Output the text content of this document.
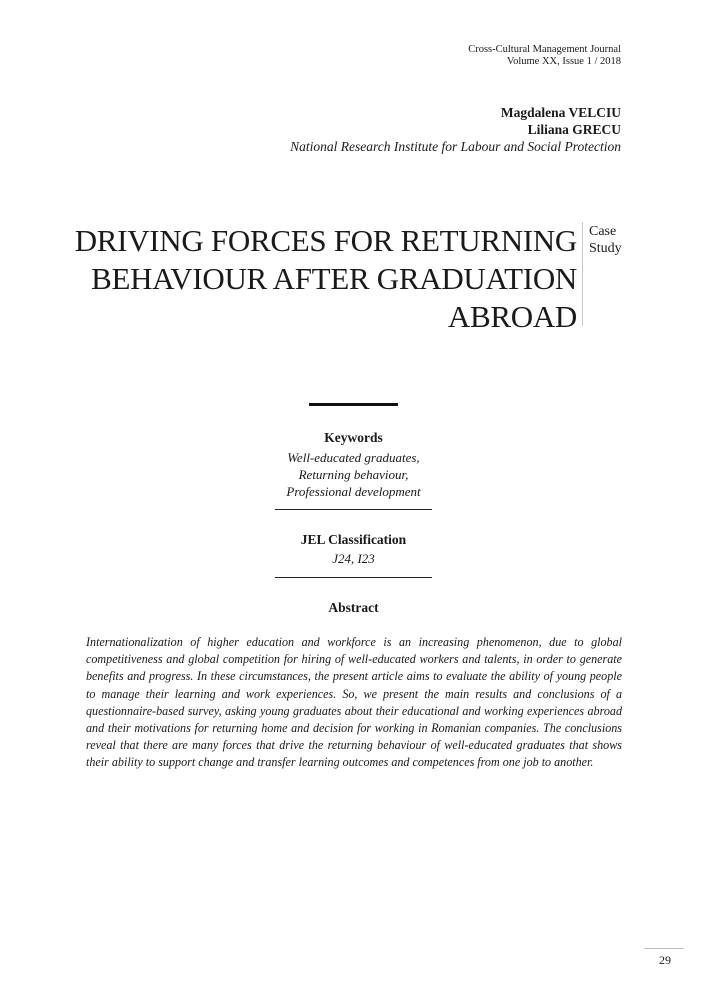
Cross-Cultural Management Journal
Volume XX, Issue 1 / 2018
Magdalena VELCIU
Liliana GRECU
National Research Institute for Labour and Social Protection
DRIVING FORCES FOR RETURNING
BEHAVIOUR AFTER GRADUATION
ABROAD
Case
Study
Keywords
Well-educated graduates,
Returning behaviour,
Professional development
JEL Classification
J24, I23
Abstract
Internationalization of higher education and workforce is an increasing phenomenon, due to global competitiveness and global competition for hiring of well-educated workers and talents, in order to generate benefits and progress. In these circumstances, the present article aims to evaluate the ability of young people to manage their learning and work experiences. So, we present the main results and conclusions of a questionnaire-based survey, asking young graduates about their educational and working experiences abroad and their motivations for returning home and decision for working in Romanian companies. The conclusions reveal that there are many forces that drive the returning behaviour of well-educated graduates that shows their ability to support change and transfer learning outcomes and competences from one job to another.
29
